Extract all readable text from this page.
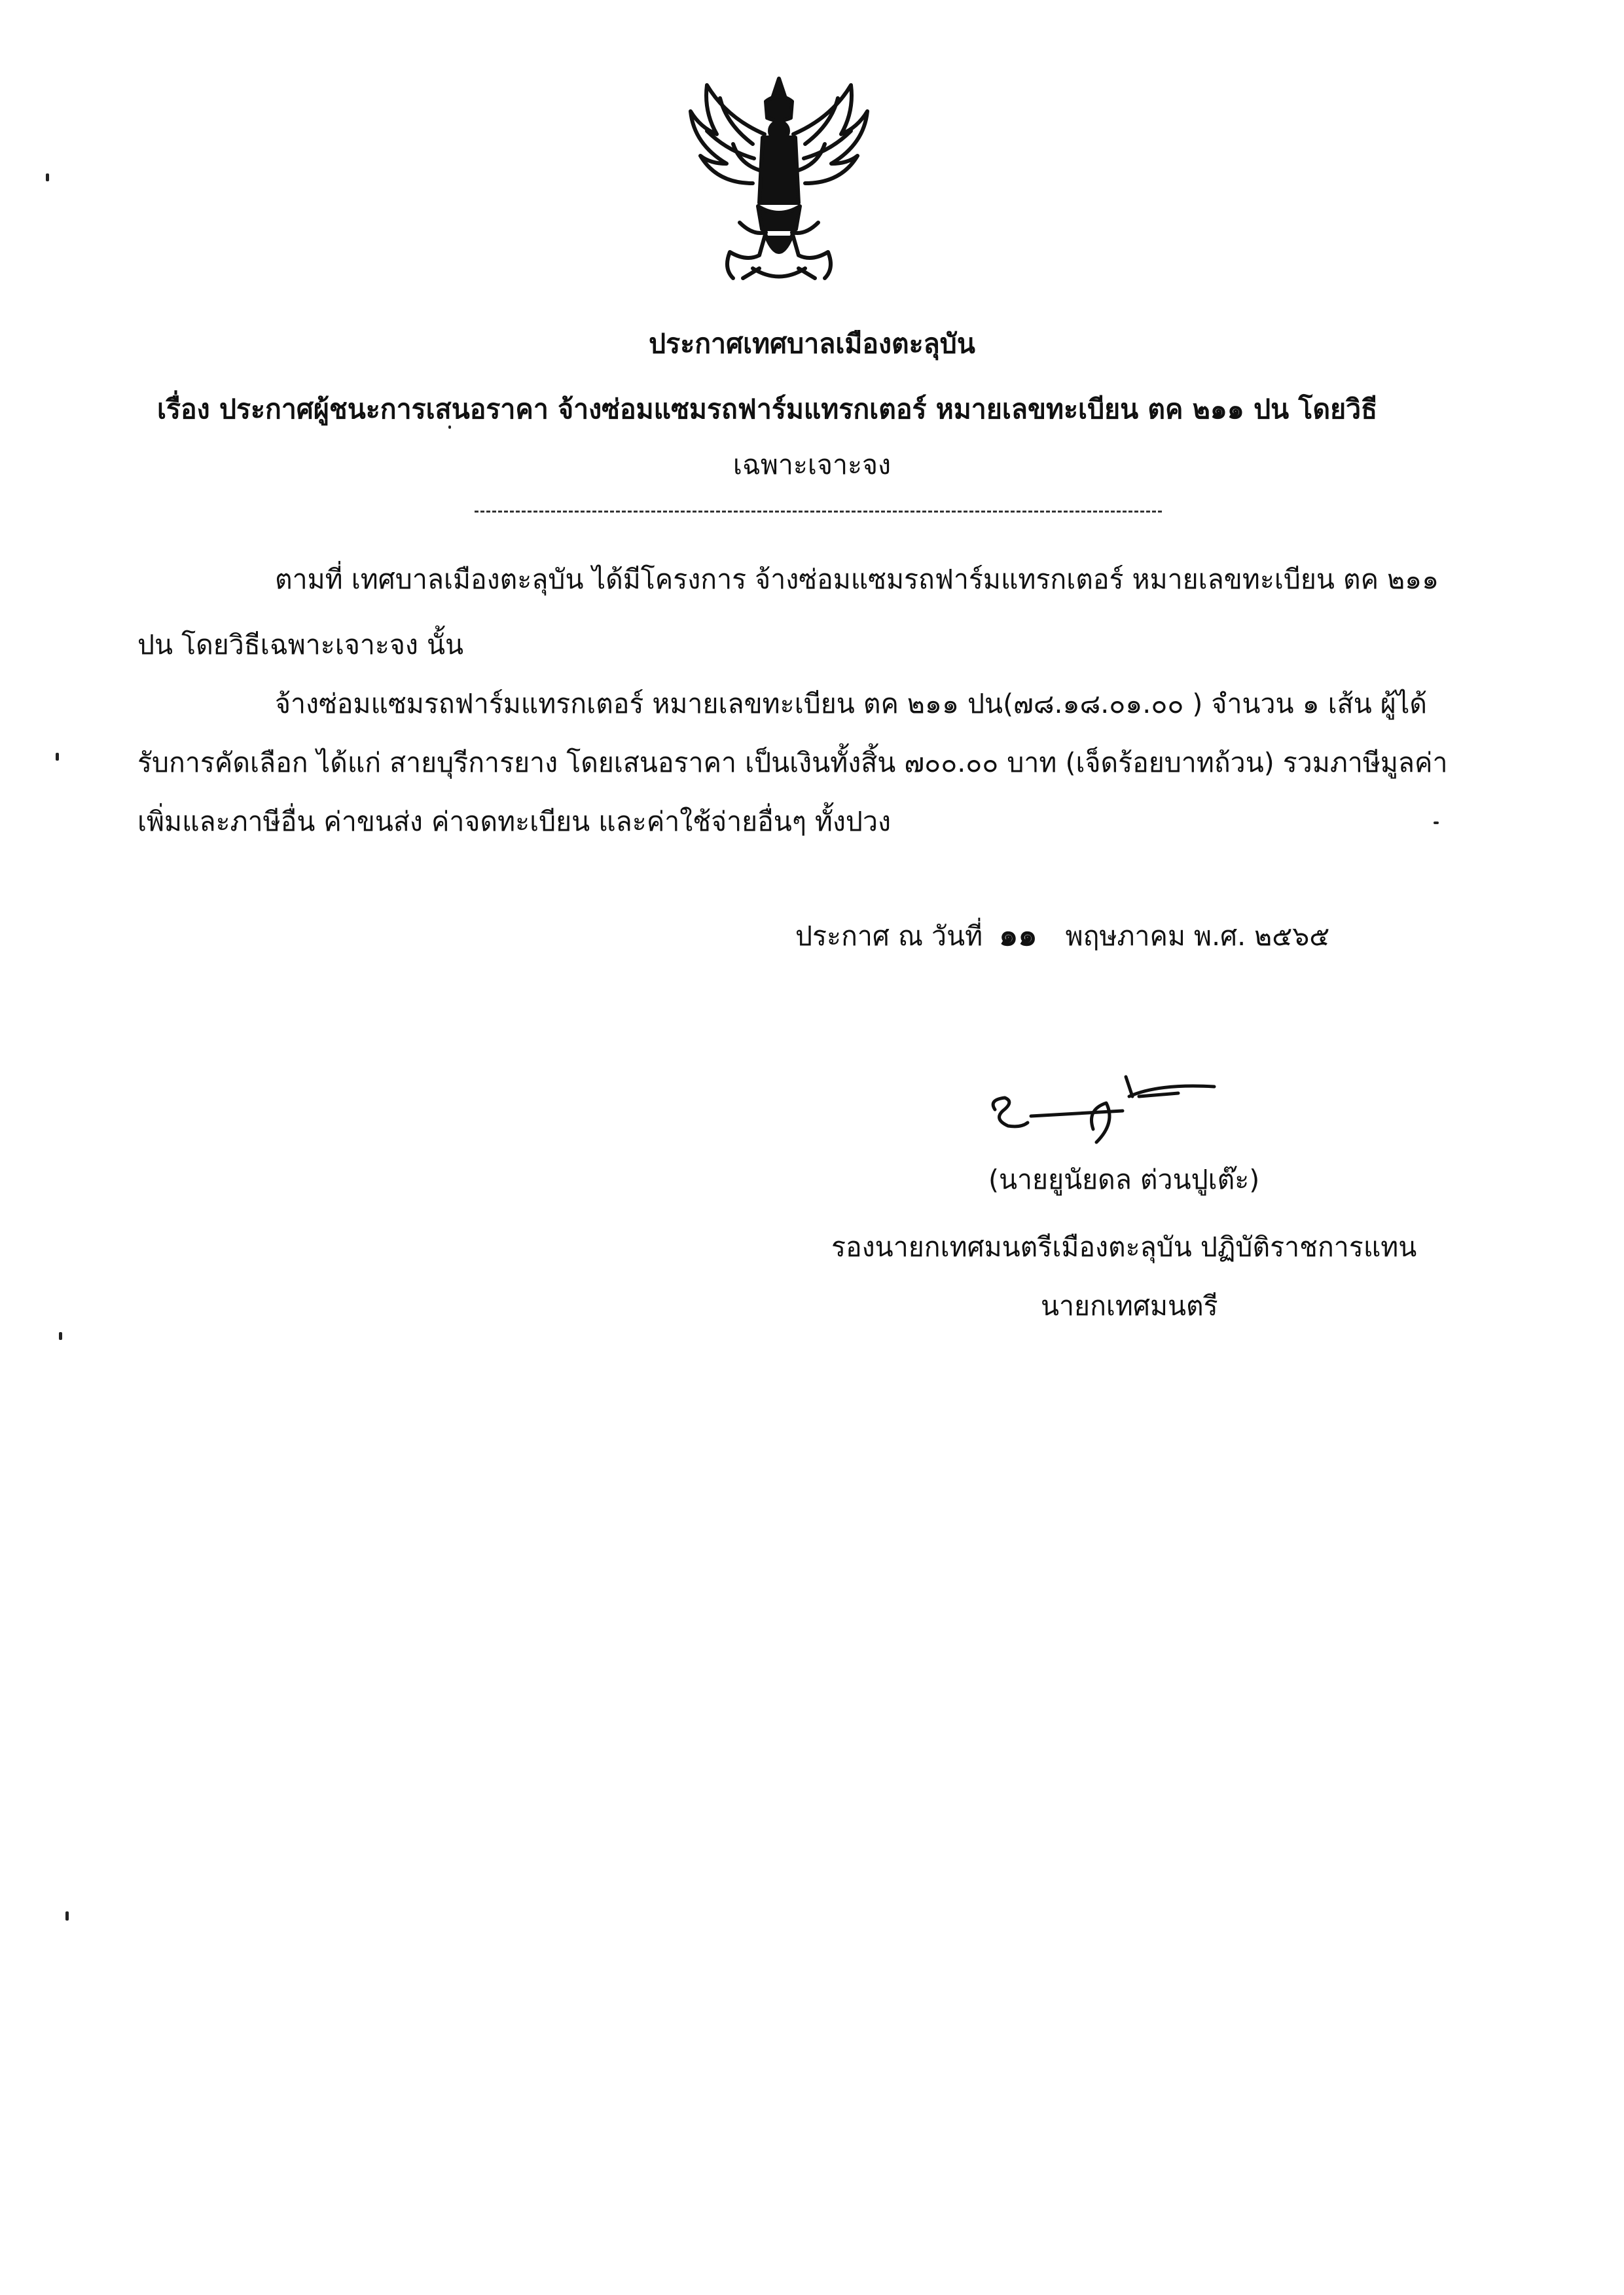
ประกาศเทศบาลเมืองตะลุบัน
เรื่อง ประกาศผู้ชนะการเสนอราคา จ้างซ่อมแซมรถฟาร์มแทรกเตอร์ หมายเลขทะเบียน ตค ๒๑๑ ปน โดยวิธี
เฉพาะเจาะจง
ตามที่ เทศบาลเมืองตะลุบัน ได้มีโครงการ จ้างซ่อมแซมรถฟาร์มแทรกเตอร์ หมายเลขทะเบียน ตค ๒๑๑
ปน โดยวิธีเฉพาะเจาะจง นั้น
จ้างซ่อมแซมรถฟาร์มแทรกเตอร์ หมายเลขทะเบียน ตค ๒๑๑ ปน(๗๘.๑๘.๐๑.๐๐ ) จำนวน ๑ เส้น ผู้ได้
รับการคัดเลือก ได้แก่ สายบุรีการยาง โดยเสนอราคา เป็นเงินทั้งสิ้น ๗๐๐.๐๐ บาท (เจ็ดร้อยบาทถ้วน) รวมภาษีมูลค่า
เพิ่มและภาษีอื่น ค่าขนส่ง ค่าจดทะเบียน และค่าใช้จ่ายอื่นๆ ทั้งปวง
ประกาศ ณ วันที่ ๑๑ พฤษภาคม พ.ศ. ๒๕๖๕
(นายยูนัยดล ต่วนปูเต๊ะ)
รองนายกเทศมนตรีเมืองตะลุบัน ปฏิบัติราชการแทน
นายกเทศมนตรี
